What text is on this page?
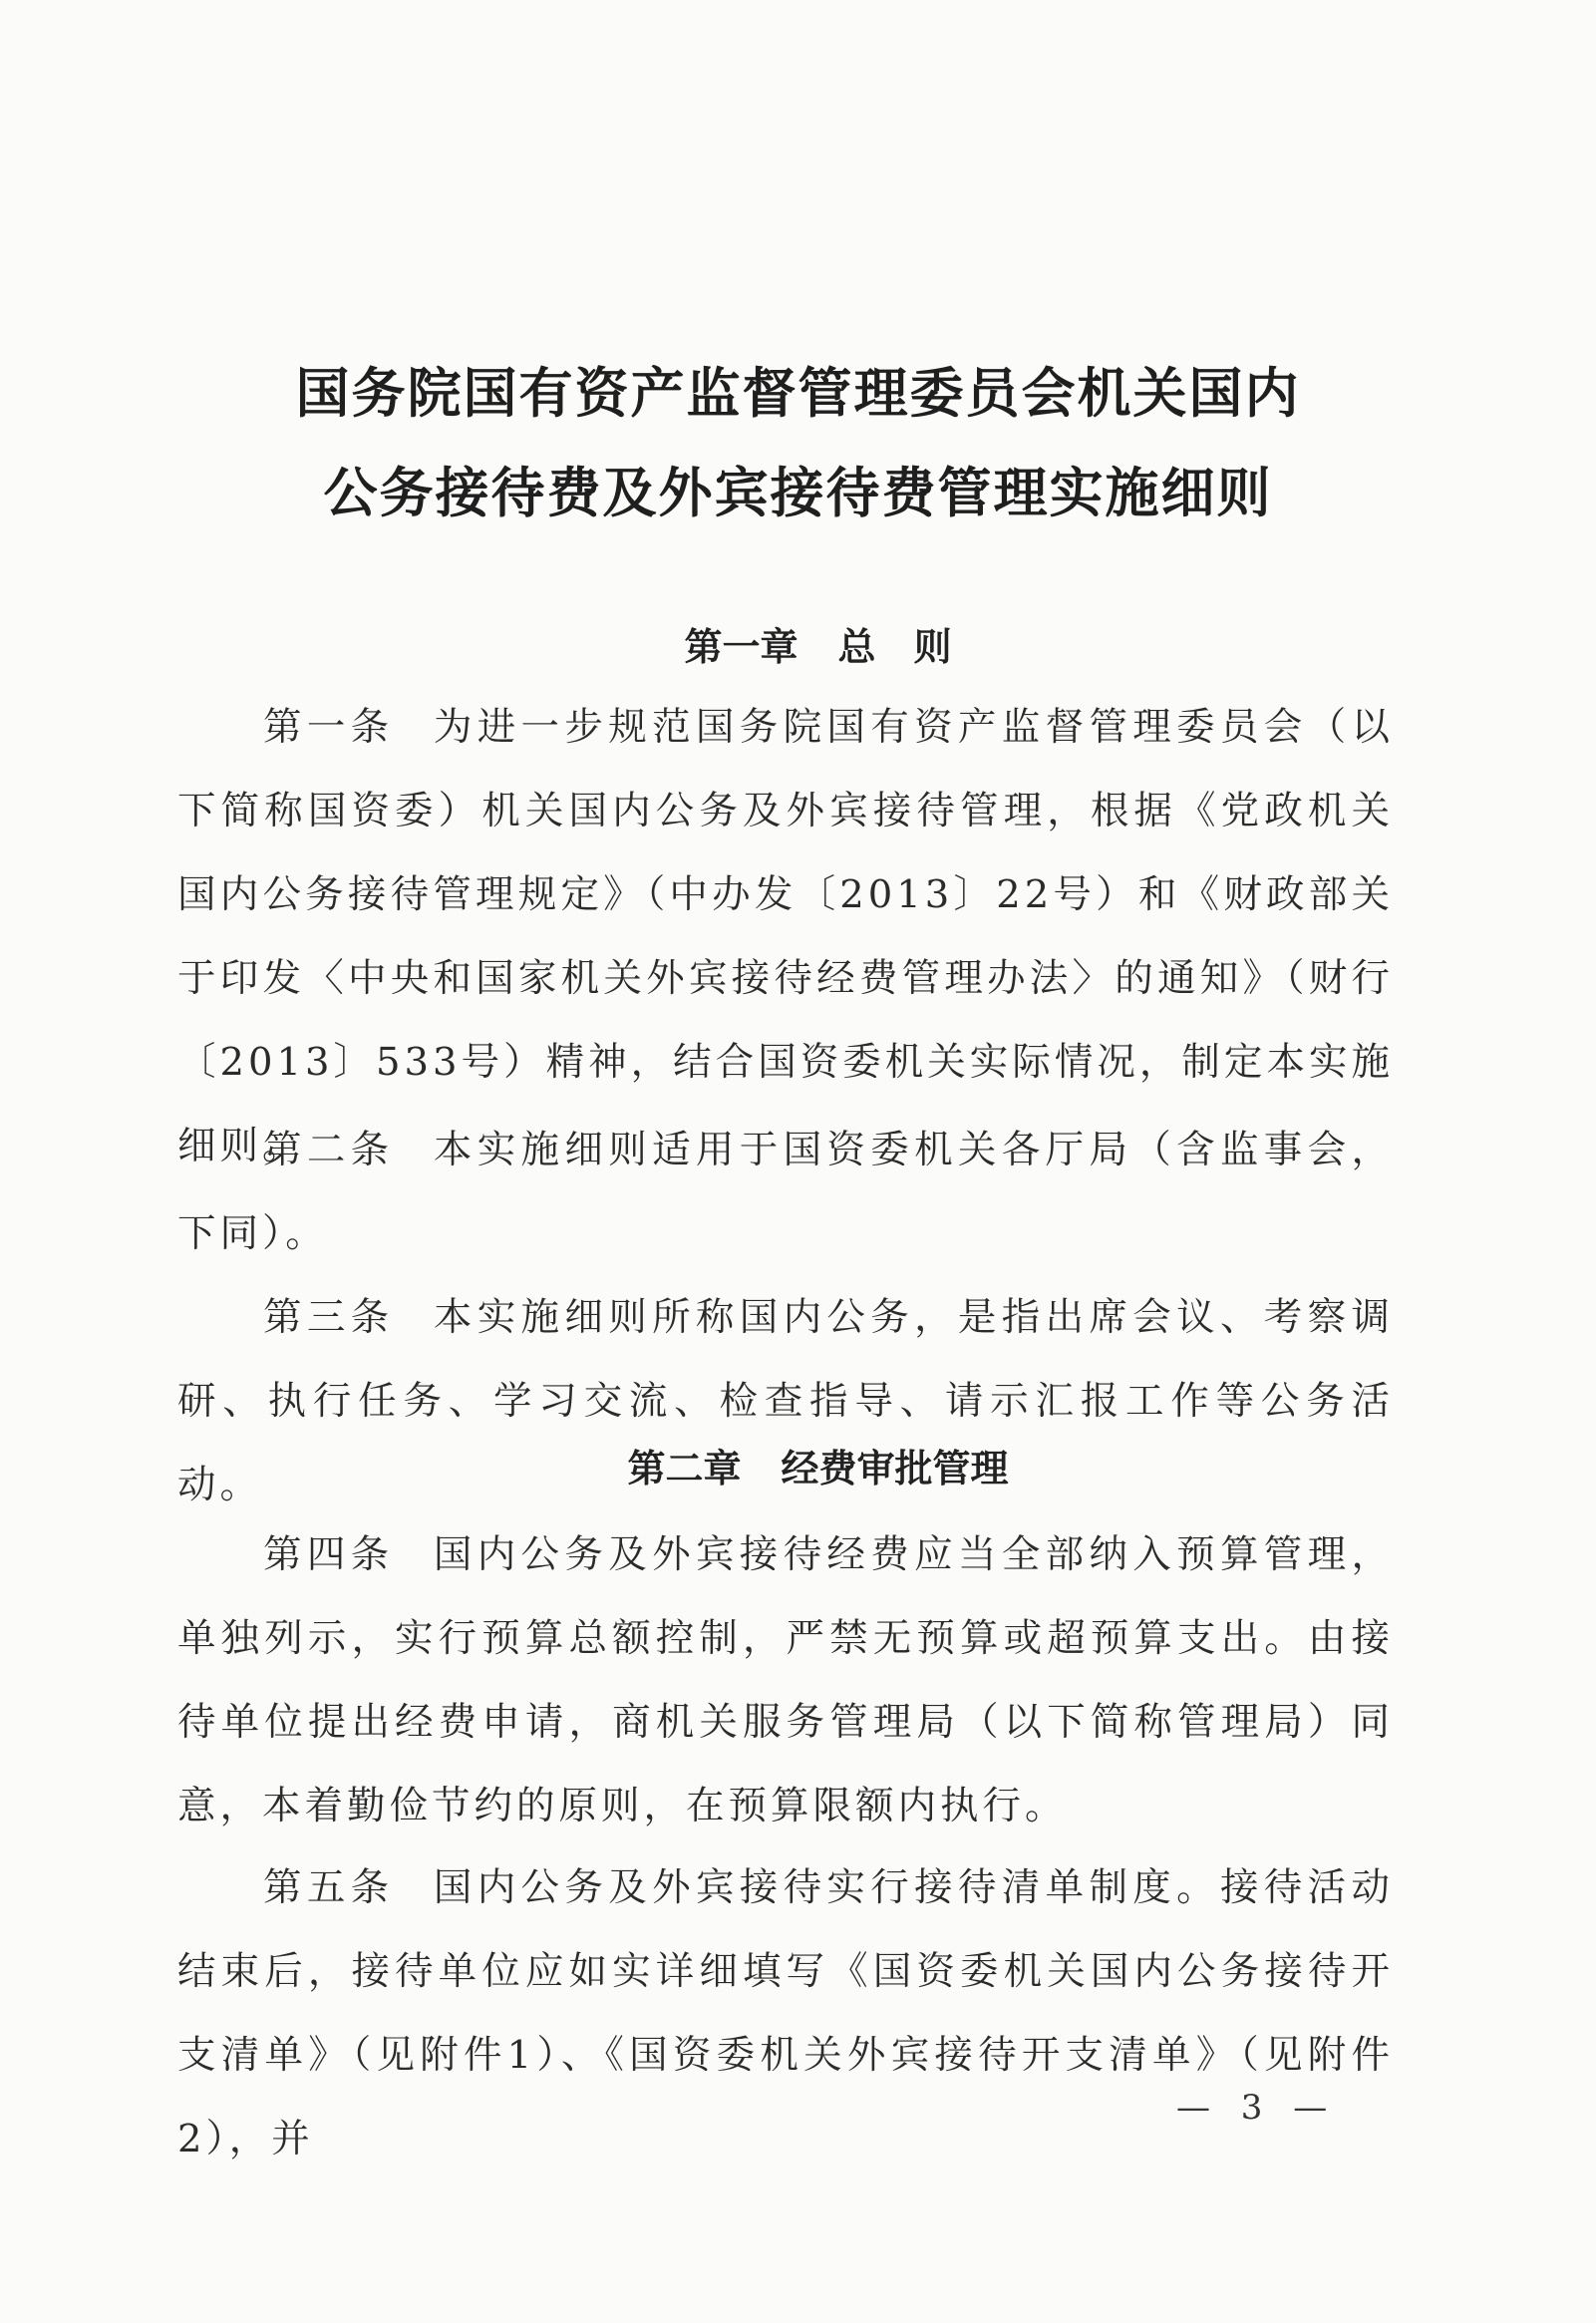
国务院国有资产监督管理委员会机关国内
公务接待费及外宾接待费管理实施细则
第一章 总　则
第一条 为进一步规范国务院国有资产监督管理委员会（以下简称国资委）机关国内公务及外宾接待管理，根据《党政机关国内公务接待管理规定》（中办发〔2013〕22号）和《财政部关于印发〈中央和国家机关外宾接待经费管理办法〉的通知》（财行〔2013〕533号）精神，结合国资委机关实际情况，制定本实施细则。
第二条 本实施细则适用于国资委机关各厅局（含监事会，下同）。
第三条 本实施细则所称国内公务，是指出席会议、考察调研、执行任务、学习交流、检查指导、请示汇报工作等公务活动。	第二章 经费审批管理
第四条 国内公务及外宾接待经费应当全部纳入预算管理，单独列示，实行预算总额控制，严禁无预算或超预算支出。由接待单位提出经费申请，商机关服务管理局（以下简称管理局）同意，本着勤俭节约的原则，在预算限额内执行。
第五条 国内公务及外宾接待实行接待清单制度。接待活动结束后，接待单位应如实详细填写《国资委机关国内公务接待开支清单》（见附件1）、《国资委机关外宾接待开支清单》（见附件2），并
— 3 —
